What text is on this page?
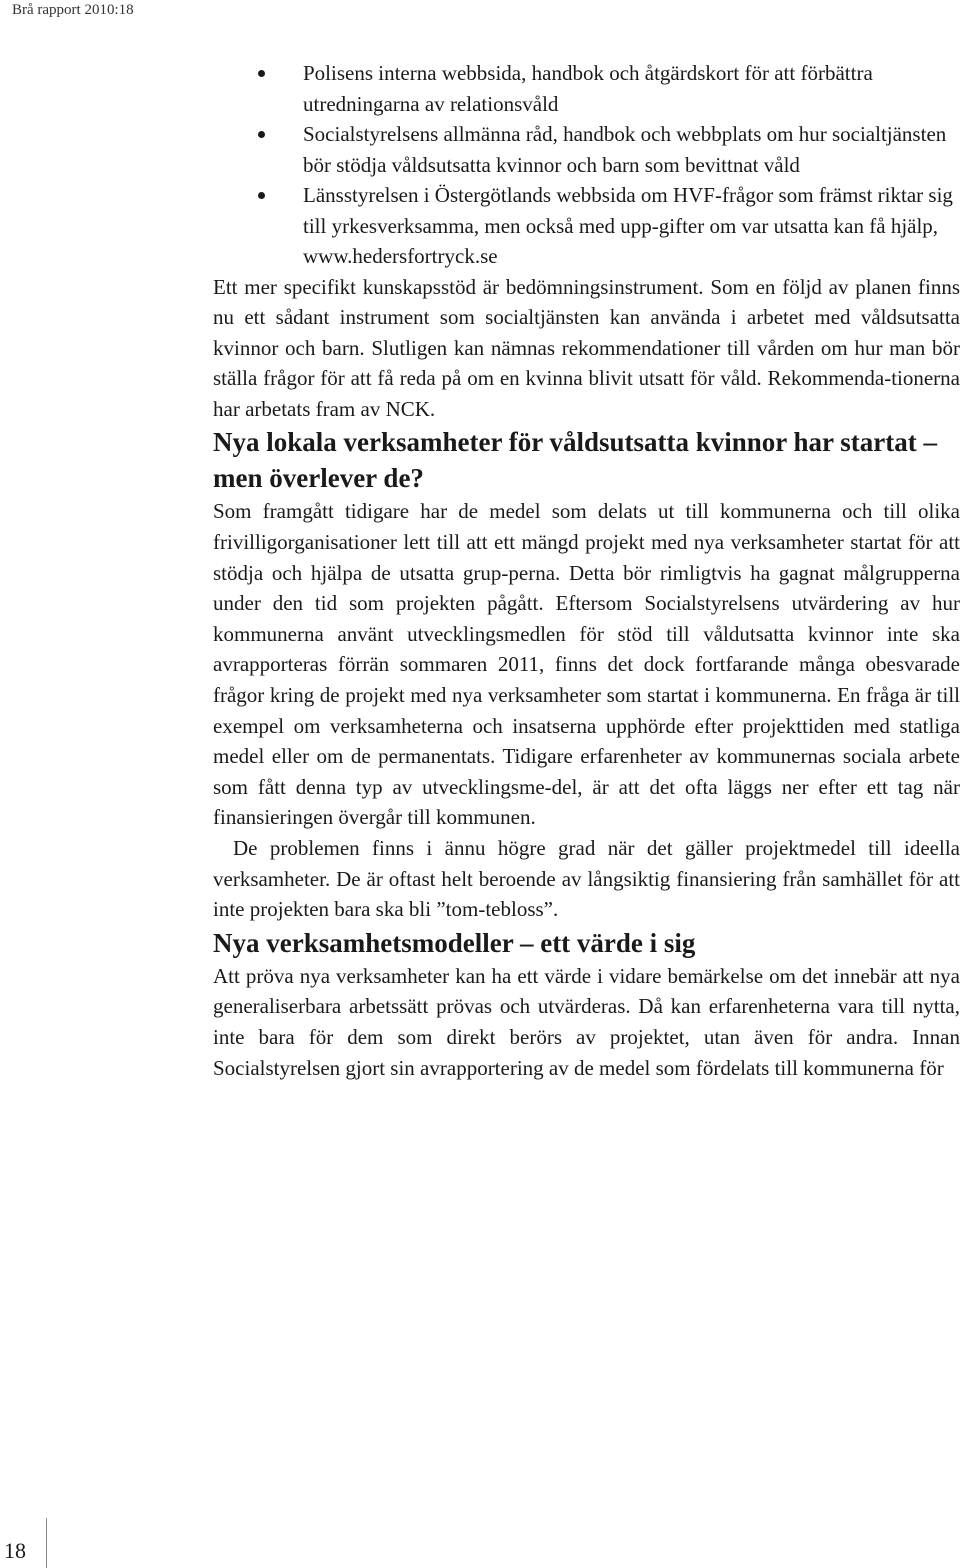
Brå rapport 2010:18
Polisens interna webbsida, handbok och åtgärdskort för att förbättra utredningarna av relationsvåld
Socialstyrelsens allmänna råd, handbok och webbplats om hur socialtjänsten bör stödja våldsutsatta kvinnor och barn som bevittnat våld
Länsstyrelsen i Östergötlands webbsida om HVF-frågor som främst riktar sig till yrkesverksamma, men också med upp-gifter om var utsatta kan få hjälp, www.hedersfortryck.se

Ett mer specifikt kunskapsstöd är bedömningsinstrument. Som en följd av planen finns nu ett sådant instrument som socialtjänsten kan använda i arbetet med våldsutsatta kvinnor och barn. Slutligen kan nämnas rekommendationer till vården om hur man bör ställa frågor för att få reda på om en kvinna blivit utsatt för våld. Rekommenda-tionerna har arbetats fram av NCK.

Nya lokala verksamheter för våldsutsatta kvinnor har startat – men överlever de?

Som framgått tidigare har de medel som delats ut till kommunerna och till olika frivilligorganisationer lett till att ett mängd projekt med nya verksamheter startat för att stödja och hjälpa de utsatta grup-perna. Detta bör rimligtvis ha gagnat målgrupperna under den tid som projekten pågått. Eftersom Socialstyrelsens utvärdering av hur kommunerna använt utvecklingsmedlen för stöd till våldutsatta kvinnor inte ska avrapporteras förrän sommaren 2011, finns det dock fortfarande många obesvarade frågor kring de projekt med nya verksamheter som startat i kommunerna. En fråga är till exempel om verksamheterna och insatserna upphörde efter projekttiden med statliga medel eller om de permanentats. Tidigare erfarenheter av kommunernas sociala arbete som fått denna typ av utvecklingsme-del, är att det ofta läggs ner efter ett tag när finansieringen övergår till kommunen.

De problemen finns i ännu högre grad när det gäller projektmedel till ideella verksamheter. De är oftast helt beroende av långsiktig finansiering från samhället för att inte projekten bara ska bli ”tom-tebloss”.

Nya verksamhetsmodeller – ett värde i sig

Att pröva nya verksamheter kan ha ett värde i vidare bemärkelse om det innebär att nya generaliserbara arbetssätt prövas och utvärderas. Då kan erfarenheterna vara till nytta, inte bara för dem som direkt berörs av projektet, utan även för andra. Innan Socialstyrelsen gjort sin avrapportering av de medel som fördelats till kommunerna för

18
